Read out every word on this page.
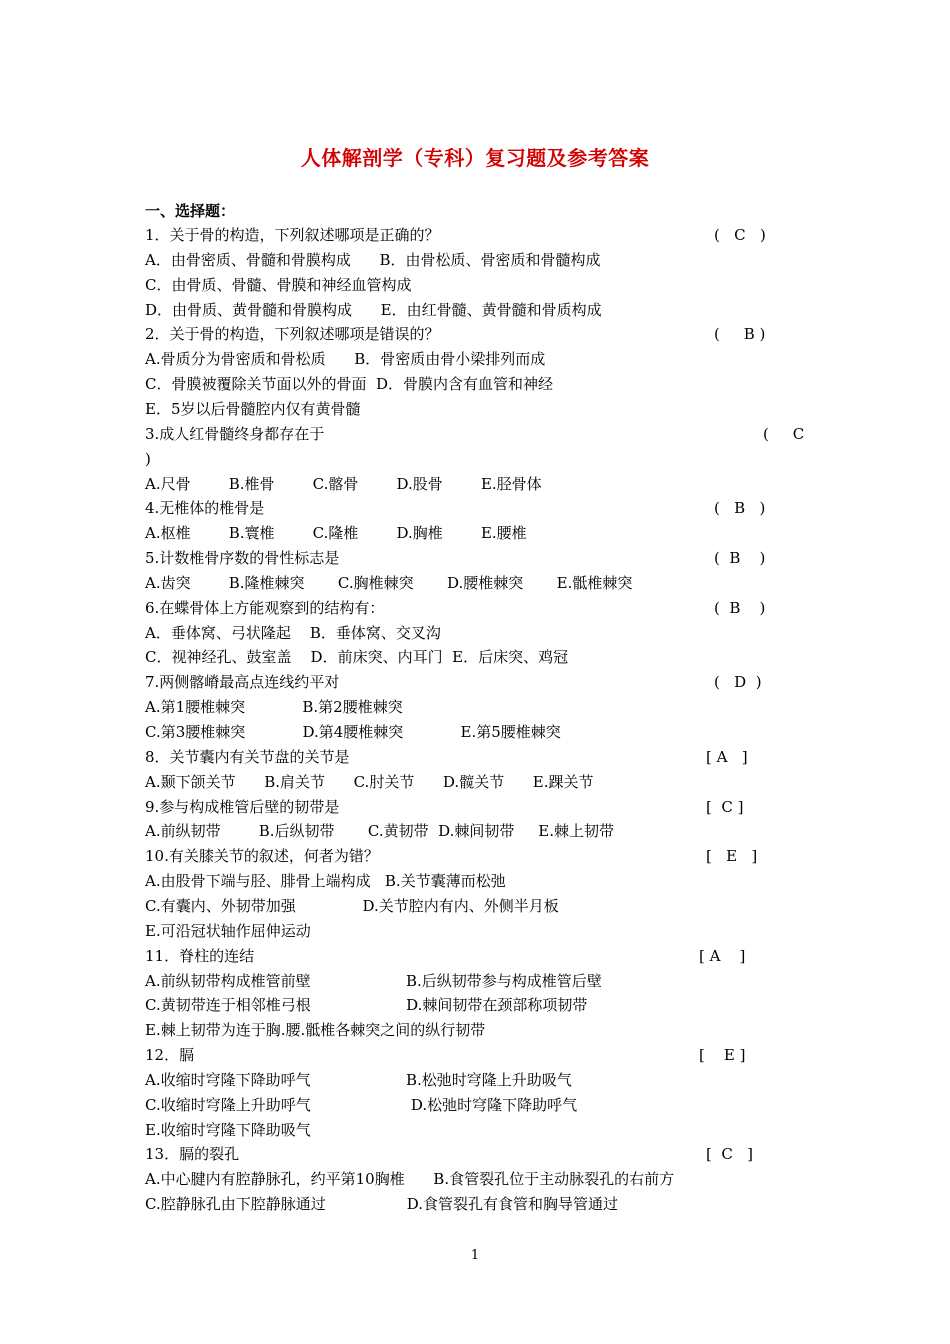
人体解剖学（专科）复习题及参考答案
一、选择题：
1．关于骨的构造，下列叙述哪项是正确的？	(   C   )
A．由骨密质、骨髓和骨膜构成      B．由骨松质、骨密质和骨髓构成
C．由骨质、骨髓、骨膜和神经血管构成
D．由骨质、黄骨髓和骨膜构成      E．由红骨髓、黄骨髓和骨质构成
2．关于骨的构造，下列叙述哪项是错误的？	(     B )
A.骨质分为骨密质和骨松质      B．骨密质由骨小梁排列而成
C．骨膜被覆除关节面以外的骨面  D．骨膜内含有血管和神经
E．5岁以后骨髓腔内仅有黄骨髓
3.成人红骨髓终身都存在于	(     C
)
A.尺骨        B.椎骨        C.髂骨        D.股骨        E.胫骨体
4.无椎体的椎骨是	(   B   )
A.枢椎        B.寰椎        C.隆椎        D.胸椎        E.腰椎
5.计数椎骨序数的骨性标志是	(  B    )
A.齿突        B.隆椎棘突       C.胸椎棘突       D.腰椎棘突       E.骶椎棘突
6.在蝶骨体上方能观察到的结构有：	(  B    )
A．垂体窝、弓状隆起    B．垂体窝、交叉沟
C．视神经孔、鼓室盖    D．前床突、内耳门  E．后床突、鸡冠
7.两侧髂嵴最高点连线约平对	(   D  )
A.第1腰椎棘突            B.第2腰椎棘突
C.第3腰椎棘突            D.第4腰椎棘突            E.第5腰椎棘突
8．关节囊内有关节盘的关节是	[ A   ]
A.颞下颌关节      B.肩关节      C.肘关节      D.髋关节      E.踝关节
9.参与构成椎管后壁的韧带是	[  C ]
A.前纵韧带        B.后纵韧带       C.黄韧带  D.棘间韧带     E.棘上韧带
10.有关膝关节的叙述，何者为错？	[   E   ]
A.由股骨下端与胫、腓骨上端构成   B.关节囊薄而松弛
C.有囊内、外韧带加强              D.关节腔内有内、外侧半月板
E.可沿冠状轴作屈伸运动
11．脊柱的连结	[ A    ]
A.前纵韧带构成椎管前壁                    B.后纵韧带参与构成椎管后壁
C.黄韧带连于相邻椎弓根                    D.棘间韧带在颈部称项韧带
E.棘上韧带为连于胸.腰.骶椎各棘突之间的纵行韧带
12．膈	[    E ]
A.收缩时穹隆下降助呼气                    B.松弛时穹隆上升助吸气
C.收缩时穹隆上升助呼气                     D.松弛时穹隆下降助呼气
E.收缩时穹隆下降助吸气
13．膈的裂孔	[  C   ]
A.中心腱内有腔静脉孔，约平第10胸椎      B.食管裂孔位于主动脉裂孔的右前方
C.腔静脉孔由下腔静脉通过                 D.食管裂孔有食管和胸导管通过
1
